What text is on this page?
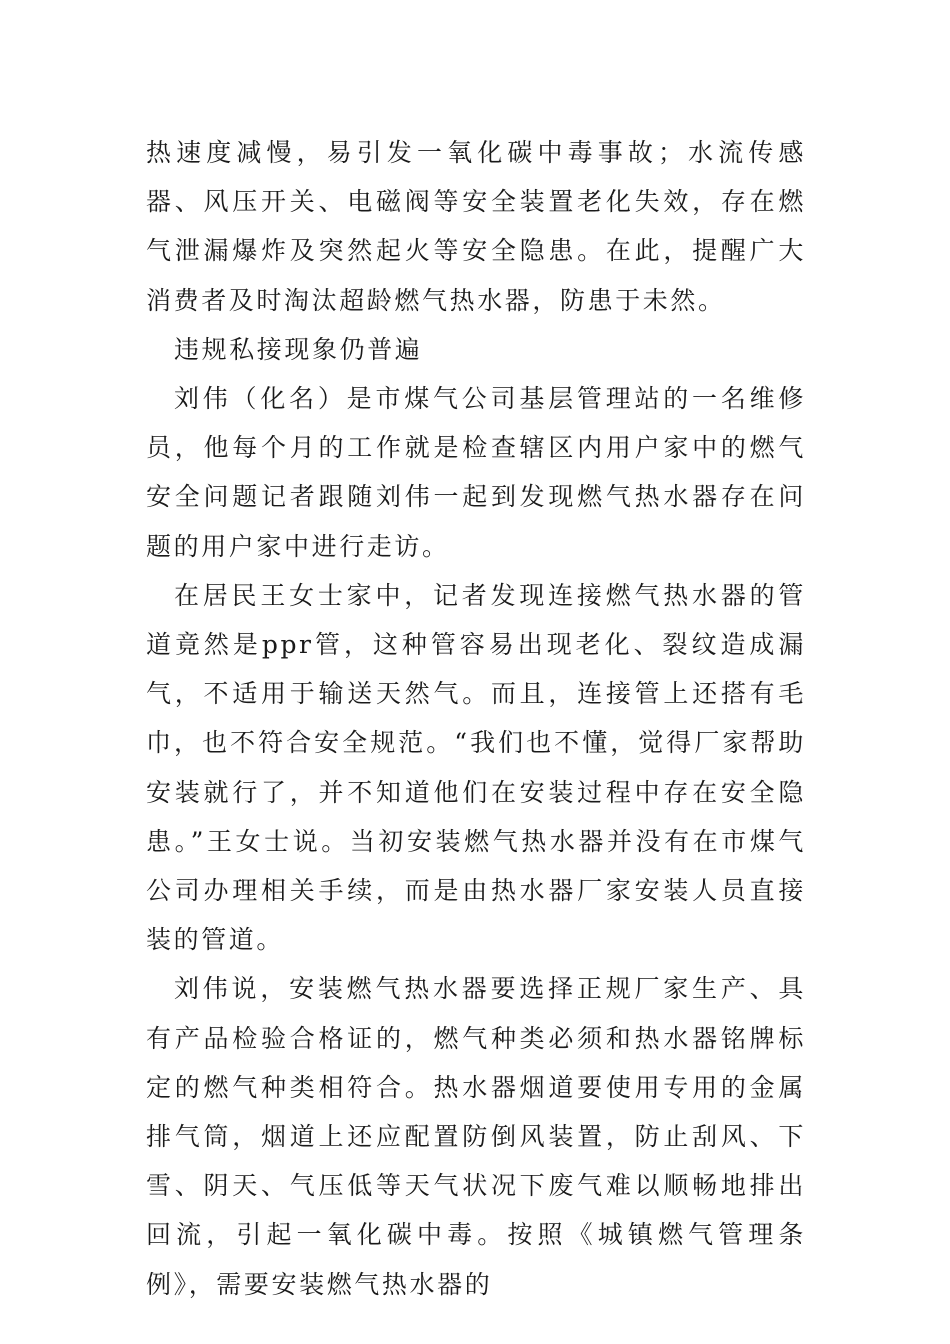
热速度减慢，易引发一氧化碳中毒事故；水流传感器、风压开关、电磁阀等安全装置老化失效，存在燃气泄漏爆炸及突然起火等安全隐患。在此，提醒广大消费者及时淘汰超龄燃气热水器，防患于未然。

违规私接现象仍普遍

刘伟（化名）是市煤气公司基层管理站的一名维修员，他每个月的工作就是检查辖区内用户家中的燃气安全问题记者跟随刘伟一起到发现燃气热水器存在问题的用户家中进行走访。

在居民王女士家中，记者发现连接燃气热水器的管道竟然是ppr管，这种管容易出现老化、裂纹造成漏气，不适用于输送天然气。而且，连接管上还搭有毛巾，也不符合安全规范。“我们也不懂，觉得厂家帮助安装就行了，并不知道他们在安装过程中存在安全隐患。”王女士说。当初安装燃气热水器并没有在市煤气公司办理相关手续，而是由热水器厂家安装人员直接装的管道。

刘伟说，安装燃气热水器要选择正规厂家生产、具有产品检验合格证的，燃气种类必须和热水器铭牌标定的燃气种类相符合。热水器烟道要使用专用的金属排气筒，烟道上还应配置防倒风装置，防止刮风、下雪、阴天、气压低等天气状况下废气难以顺畅地排出回流，引起一氧化碳中毒。按照《城镇燃气管理条例》，需要安装燃气热水器的
